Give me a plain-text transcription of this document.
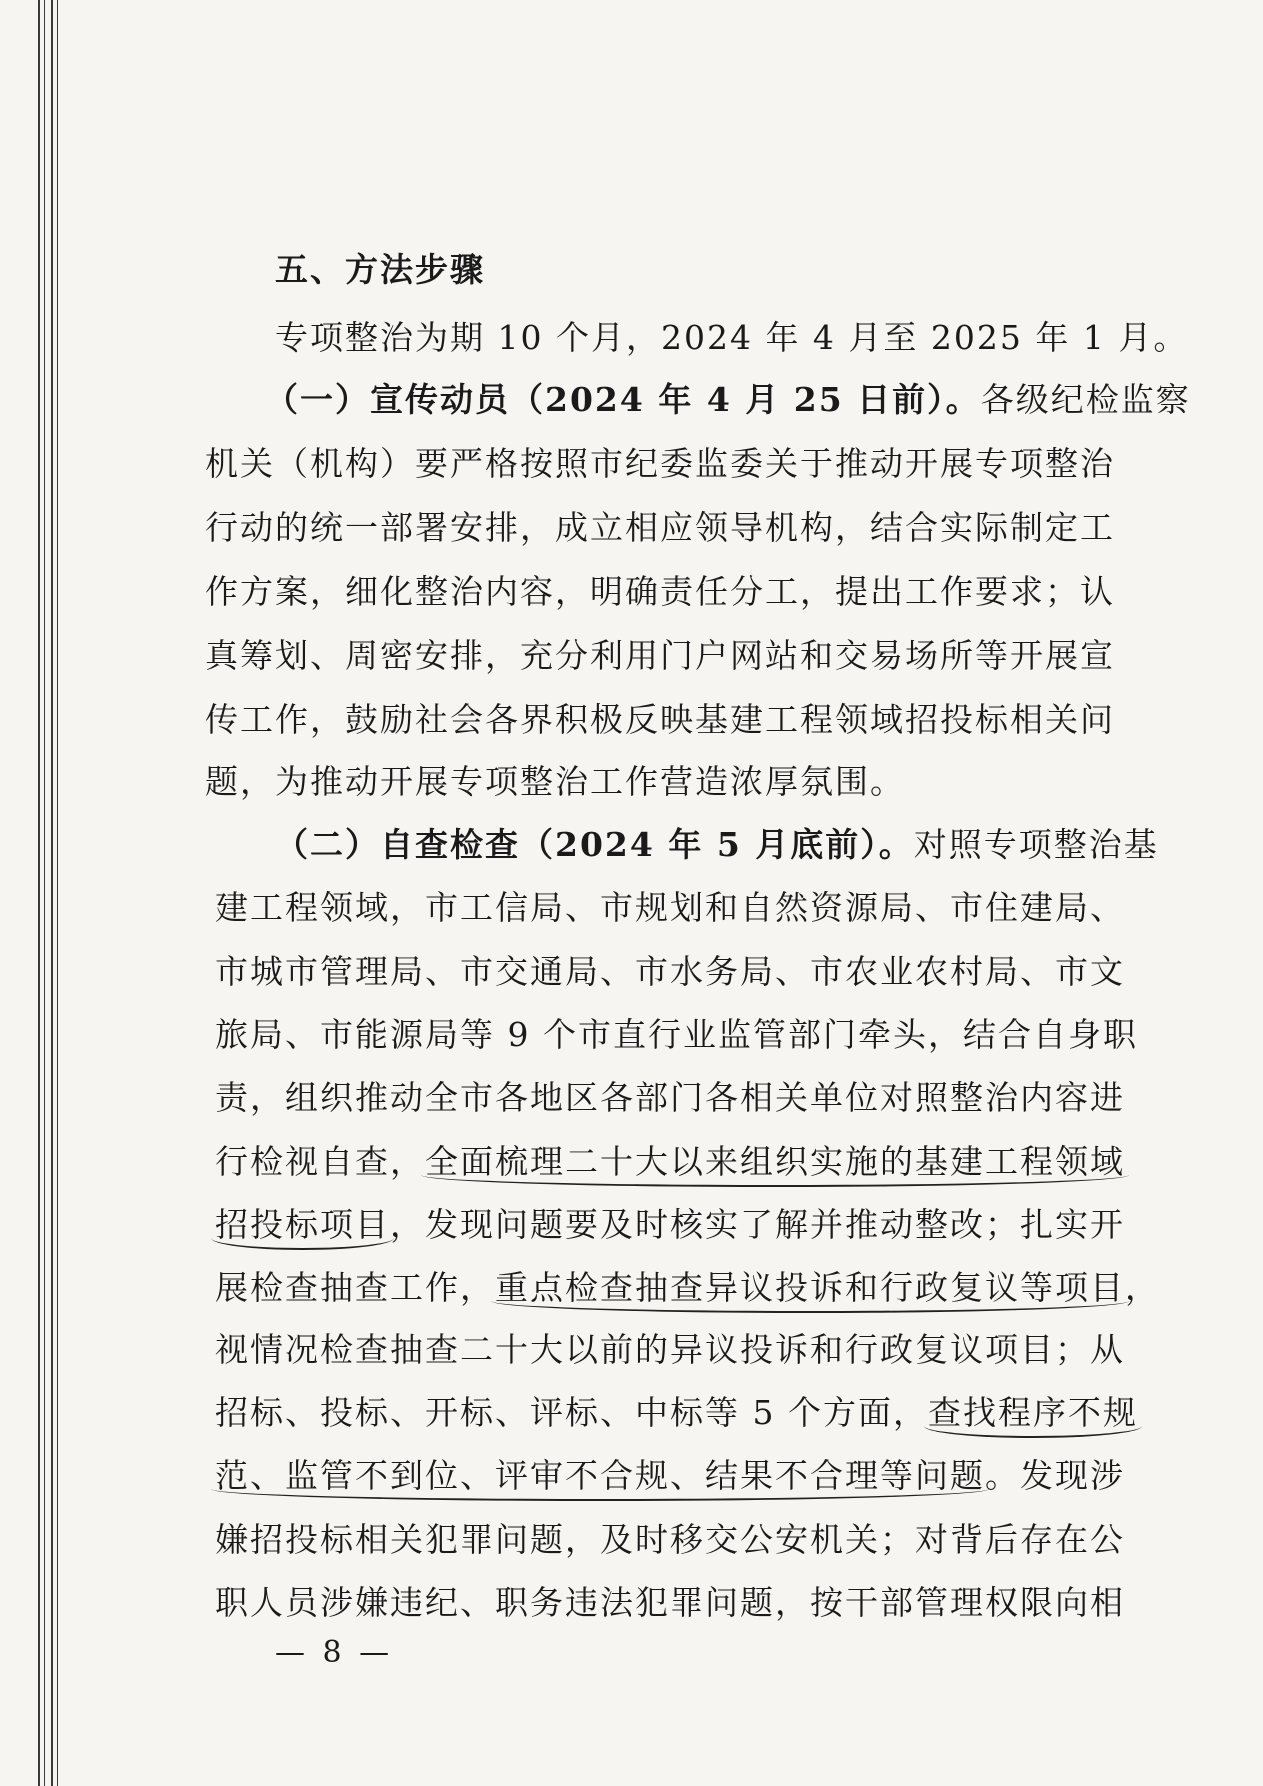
五、方法步骤
专项整治为期 10 个月，2024 年 4 月至 2025 年 1 月。
（一）宣传动员（2024 年 4 月 25 日前）。各级纪检监察
机关（机构）要严格按照市纪委监委关于推动开展专项整治
行动的统一部署安排，成立相应领导机构，结合实际制定工
作方案，细化整治内容，明确责任分工，提出工作要求；认
真筹划、周密安排，充分利用门户网站和交易场所等开展宣
传工作，鼓励社会各界积极反映基建工程领域招投标相关问
题，为推动开展专项整治工作营造浓厚氛围。
（二）自查检查（2024 年 5 月底前）。对照专项整治基
建工程领域，市工信局、市规划和自然资源局、市住建局、
市城市管理局、市交通局、市水务局、市农业农村局、市文
旅局、市能源局等 9 个市直行业监管部门牵头，结合自身职
责，组织推动全市各地区各部门各相关单位对照整治内容进
行检视自查，全面梳理二十大以来组织实施的基建工程领域
招投标项目，发现问题要及时核实了解并推动整改；扎实开
展检查抽查工作，重点检查抽查异议投诉和行政复议等项目，
视情况检查抽查二十大以前的异议投诉和行政复议项目；从
招标、投标、开标、评标、中标等 5 个方面，查找程序不规
范、监管不到位、评审不合规、结果不合理等问题。发现涉
嫌招投标相关犯罪问题，及时移交公安机关；对背后存在公
职人员涉嫌违纪、职务违法犯罪问题，按干部管理权限向相
— 8 —
